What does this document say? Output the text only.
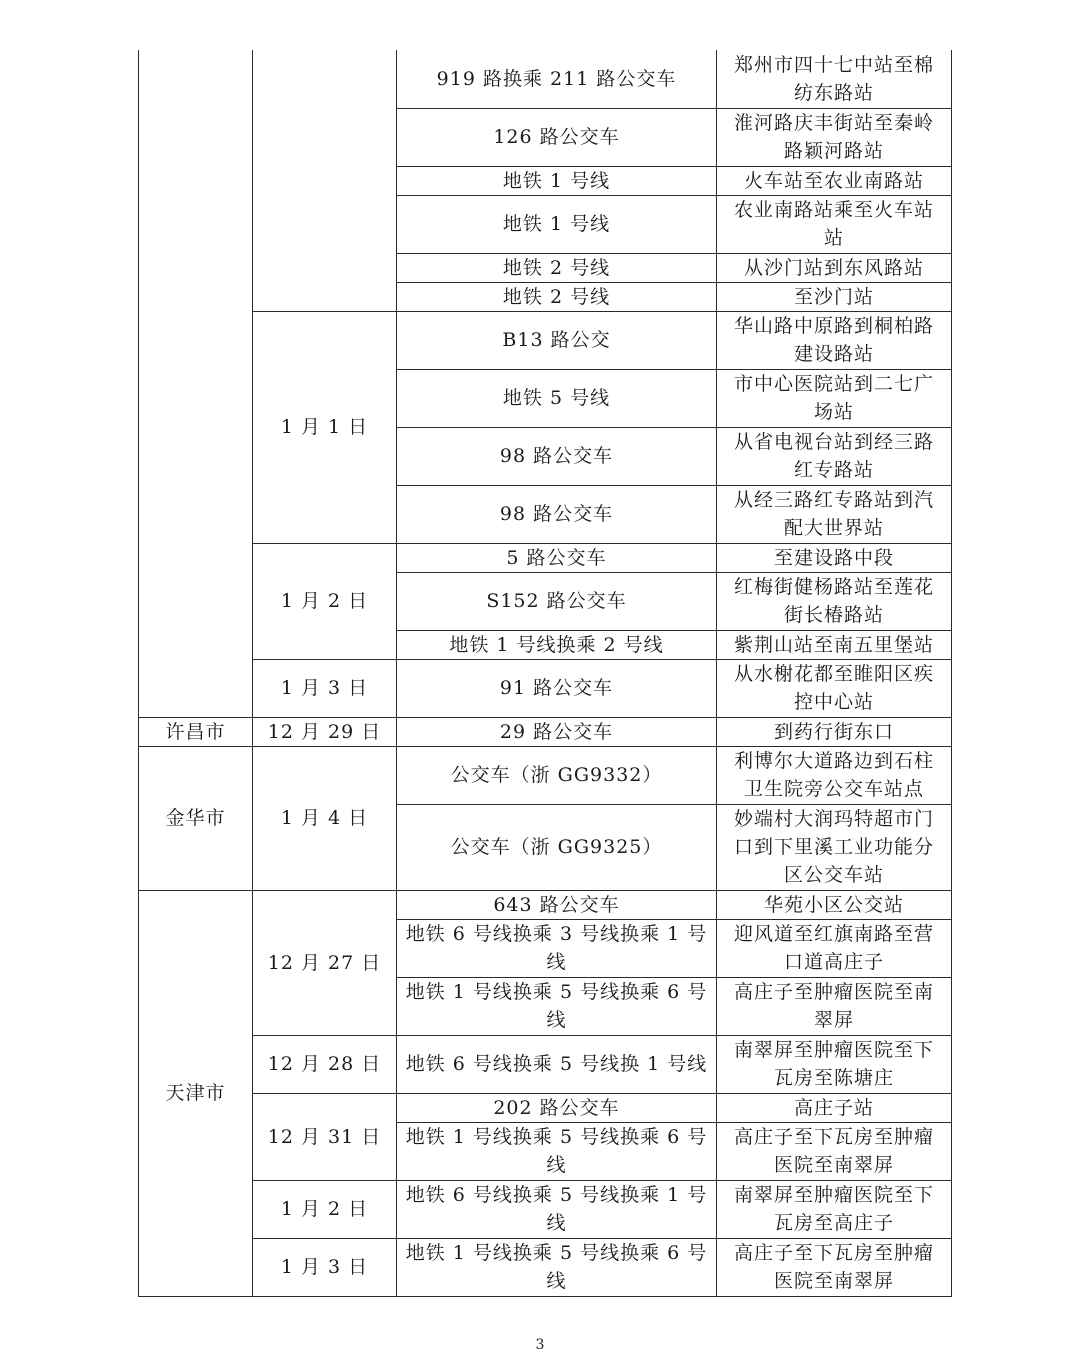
		919 路换乘 211 路公交车	郑州市四十七中站至棉纺东路站
		126 路公交车	淮河路庆丰街站至秦岭路颖河路站
		地铁 1 号线	火车站至农业南路站
		地铁 1 号线	农业南路站乘至火车站站
		地铁 2 号线	从沙门站到东风路站
		地铁 2 号线	至沙门站
	1 月 1 日	B13 路公交	华山路中原路到桐柏路建设路站
		地铁 5 号线	市中心医院站到二七广场站
		98 路公交车	从省电视台站到经三路红专路站
		98 路公交车	从经三路红专路站到汽配大世界站
	1 月 2 日	5 路公交车	至建设路中段
		S152 路公交车	红梅街健杨路站至莲花街长椿路站
		地铁 1 号线换乘 2 号线	紫荆山站至南五里堡站
	1 月 3 日	91 路公交车	从水榭花都至睢阳区疾控中心站
许昌市	12 月 29 日	29 路公交车	到药行街东口
金华市	1 月 4 日	公交车（浙 GG9332）	利博尔大道路边到石柱卫生院旁公交车站点
		公交车（浙 GG9325）	妙端村大润玛特超市门口到下里溪工业功能分区公交车站
天津市	12 月 27 日	643 路公交车	华苑小区公交站
		地铁 6 号线换乘 3 号线换乘 1 号线	迎风道至红旗南路至营口道高庄子
		地铁 1 号线换乘 5 号线换乘 6 号线	高庄子至肿瘤医院至南翠屏
	12 月 28 日	地铁 6 号线换乘 5 号线换 1 号线	南翠屏至肿瘤医院至下瓦房至陈塘庄
	12 月 31 日	202 路公交车	高庄子站
		地铁 1 号线换乘 5 号线换乘 6 号线	高庄子至下瓦房至肿瘤医院至南翠屏
	1 月 2 日	地铁 6 号线换乘 5 号线换乘 1 号线	南翠屏至肿瘤医院至下瓦房至高庄子
	1 月 3 日	地铁 1 号线换乘 5 号线换乘 6 号线	高庄子至下瓦房至肿瘤医院至南翠屏
3
